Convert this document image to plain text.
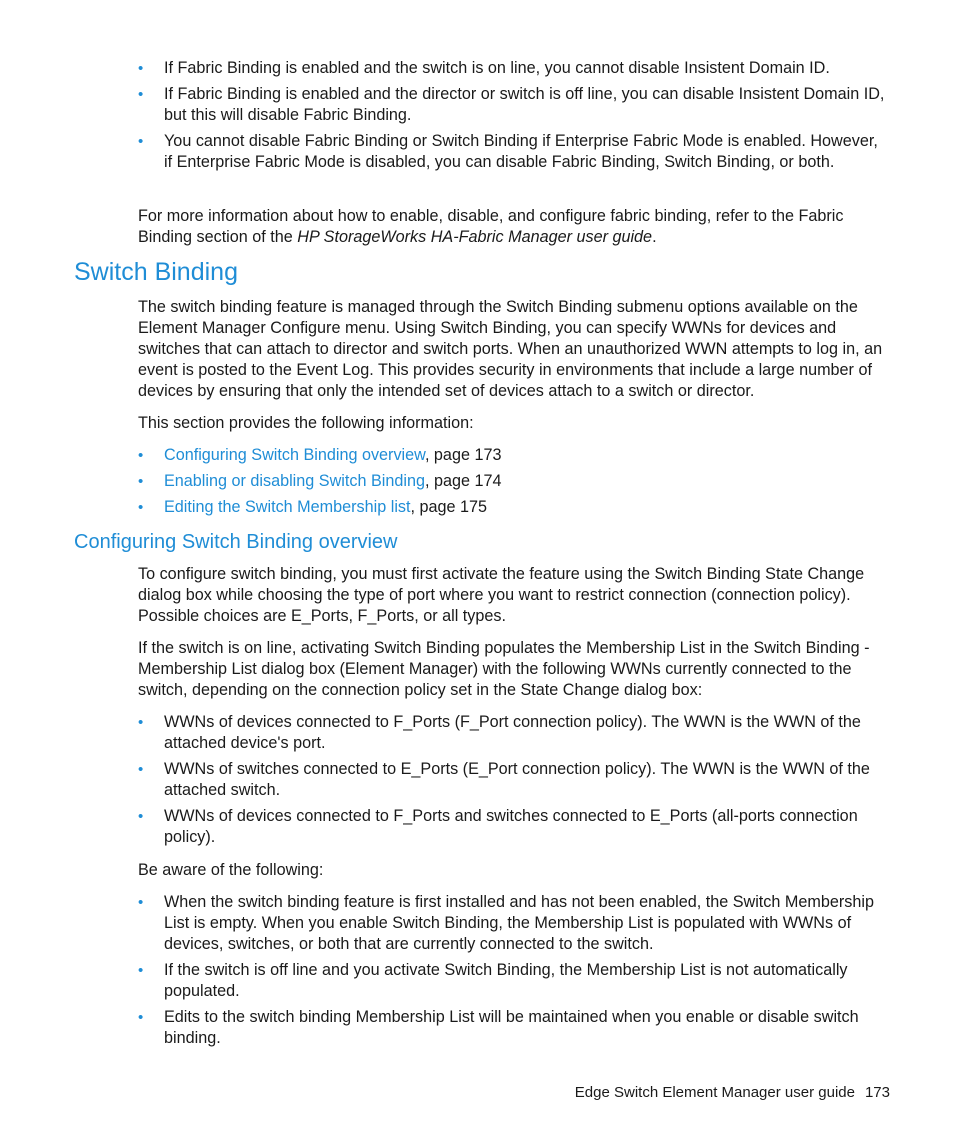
• If Fabric Binding is enabled and the switch is on line, you cannot disable Insistent Domain ID.
• If Fabric Binding is enabled and the director or switch is off line, you can disable Insistent Domain ID, but this will disable Fabric Binding.
• You cannot disable Fabric Binding or Switch Binding if Enterprise Fabric Mode is enabled. However, if Enterprise Fabric Mode is disabled, you can disable Fabric Binding, Switch Binding, or both.

For more information about how to enable, disable, and configure fabric binding, refer to the Fabric Binding section of the HP StorageWorks HA-Fabric Manager user guide.

Switch Binding

The switch binding feature is managed through the Switch Binding submenu options available on the Element Manager Configure menu. Using Switch Binding, you can specify WWNs for devices and switches that can attach to director and switch ports. When an unauthorized WWN attempts to log in, an event is posted to the Event Log. This provides security in environments that include a large number of devices by ensuring that only the intended set of devices attach to a switch or director.

This section provides the following information:

• Configuring Switch Binding overview, page 173
• Enabling or disabling Switch Binding, page 174
• Editing the Switch Membership list, page 175
Configuring Switch Binding overview

To configure switch binding, you must first activate the feature using the Switch Binding State Change dialog box while choosing the type of port where you want to restrict connection (connection policy). Possible choices are E_Ports, F_Ports, or all types.

If the switch is on line, activating Switch Binding populates the Membership List in the Switch Binding - Membership List dialog box (Element Manager) with the following WWNs currently connected to the switch, depending on the connection policy set in the State Change dialog box:

• WWNs of devices connected to F_Ports (F_Port connection policy). The WWN is the WWN of the attached device's port.
• WWNs of switches connected to E_Ports (E_Port connection policy). The WWN is the WWN of the attached switch.
• WWNs of devices connected to F_Ports and switches connected to E_Ports (all-ports connection policy).

Be aware of the following:

• When the switch binding feature is first installed and has not been enabled, the Switch Membership List is empty. When you enable Switch Binding, the Membership List is populated with WWNs of devices, switches, or both that are currently connected to the switch.
• If the switch is off line and you activate Switch Binding, the Membership List is not automatically populated.
• Edits to the switch binding Membership List will be maintained when you enable or disable switch binding.
Edge Switch Element Manager user guide 173
